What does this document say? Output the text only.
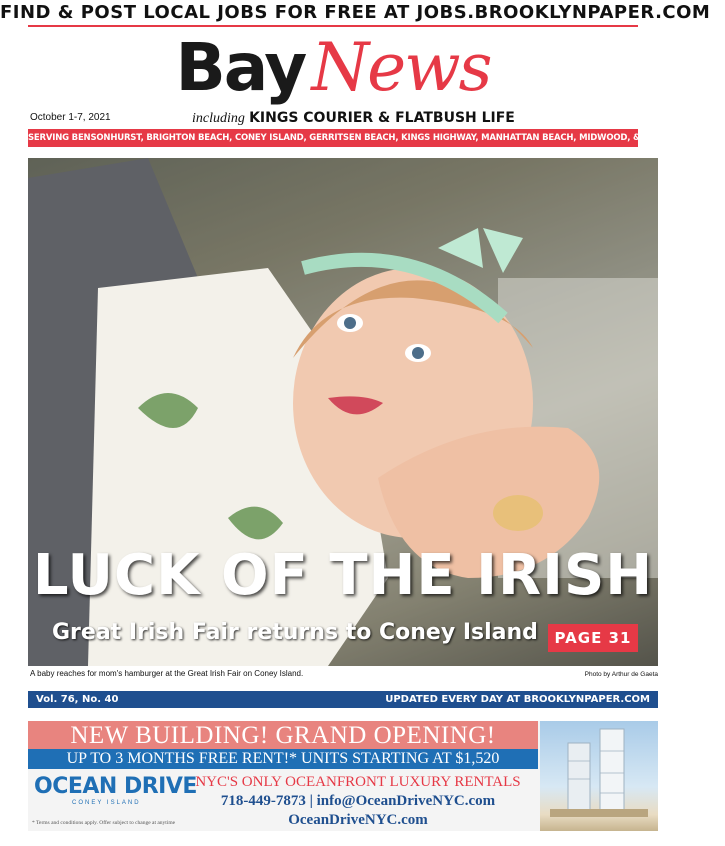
FIND & POST LOCAL JOBS FOR FREE AT JOBS.BROOKLYNPAPER.COM
BayNews
October 1-7, 2021	including KINGS COURIER & FLATBUSH LIFE
SERVING BENSONHURST, BRIGHTON BEACH, CONEY ISLAND, GERRITSEN BEACH, KINGS HIGHWAY, MANHATTAN BEACH, MIDWOOD, & SHEEPSHEAD BAY
LUCK OF THE IRISH
Great Irish Fair returns to Coney Island	PAGE 31
A baby reaches for mom's hamburger at the Great Irish Fair on Coney Island.	Photo by Arthur de Gaeta
Vol. 76, No. 40	UPDATED EVERY DAY AT BROOKLYNPAPER.COM
NEW BUILDING! GRAND OPENING!
UP TO 3 MONTHS FREE RENT!* UNITS STARTING AT $1,520
OCEAN DRIVE
CONEY ISLAND
* Terms and conditions apply. Offer subject to change at anytime
NYC'S ONLY OCEANFRONT LUXURY RENTALS
718-449-7873 | info@OceanDriveNYC.com
OceanDriveNYC.com
